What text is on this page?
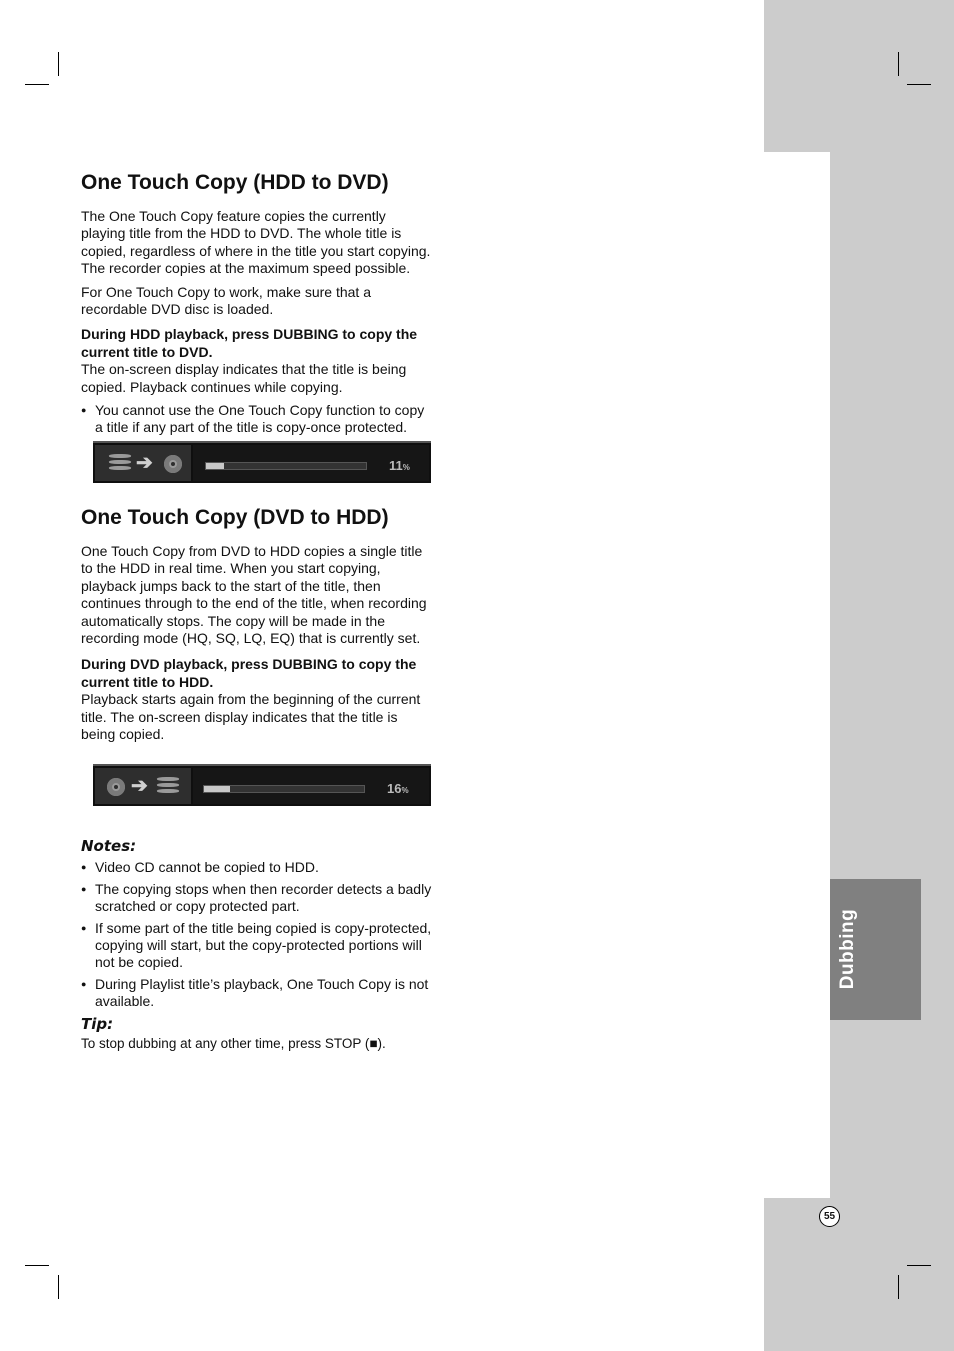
Dubbing
55
One Touch Copy (HDD to DVD)

The One Touch Copy feature copies the currently playing title from the HDD to DVD. The whole title is copied, regardless of where in the title you start copying. The recorder copies at the maximum speed possible.

For One Touch Copy to work, make sure that a recordable DVD disc is loaded.

During HDD playback, press DUBBING to copy the current title to DVD.

The on-screen display indicates that the title is being copied. Playback continues while copying.

● You cannot use the One Touch Copy function to copy a title if any part of the title is copy-once protected.
➔	11%
One Touch Copy (DVD to HDD)

One Touch Copy from DVD to HDD copies a single title to the HDD in real time. When you start copying, playback jumps back to the start of the title, then continues through to the end of the title, when recording automatically stops. The copy will be made in the recording mode (HQ, SQ, LQ, EQ) that is currently set.

During DVD playback, press DUBBING to copy the current title to HDD.

Playback starts again from the beginning of the current title. The on-screen display indicates that the title is being copied.

➔	16%
Notes:
● Video CD cannot be copied to HDD.
● The copying stops when then recorder detects a badly scratched or copy protected part.
● If some part of the title being copied is copy-protected, copying will start, but the copy-protected portions will not be copied.
● During Playlist title’s playback, One Touch Copy is not available.
Tip:

To stop dubbing at any other time, press STOP (■).
